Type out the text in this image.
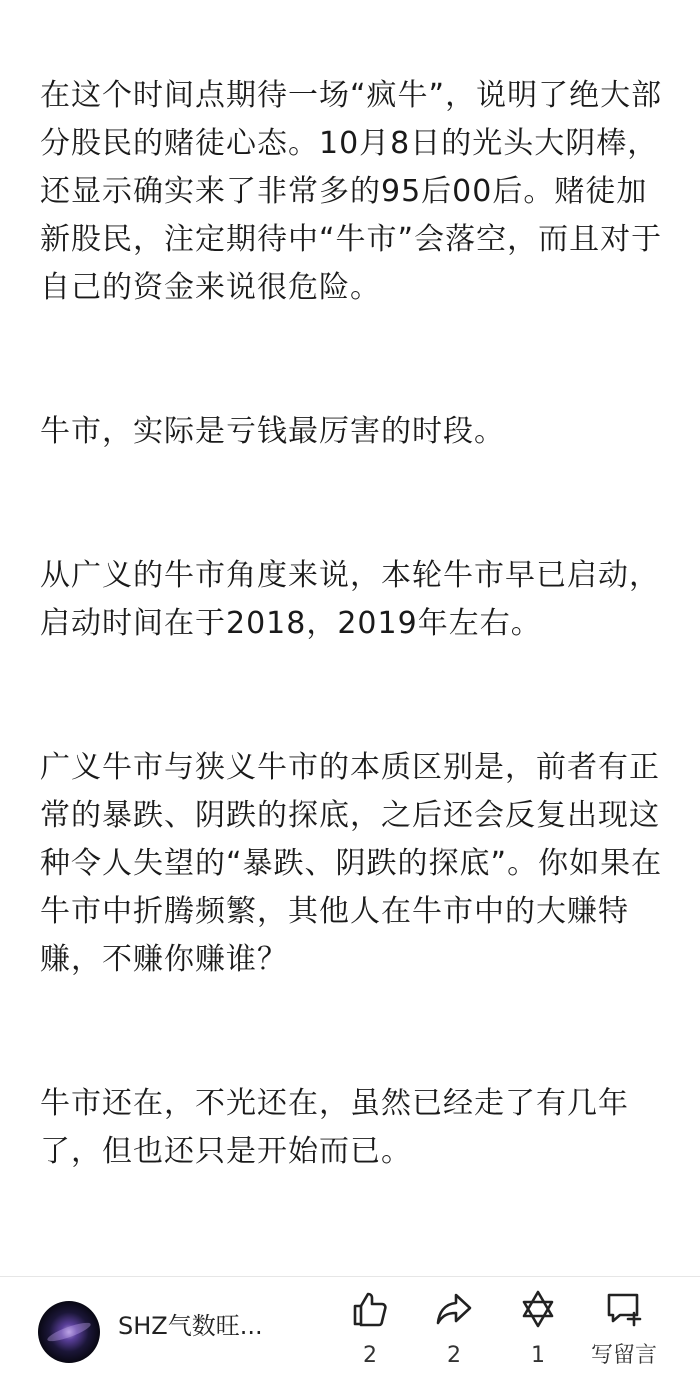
在这个时间点期待一场“疯牛”，说明了绝大部分股民的赌徒心态。10月8日的光头大阴棒，还显示确实来了非常多的95后00后。赌徒加新股民，注定期待中“牛市”会落空，而且对于自己的资金来说很危险。

牛市，实际是亏钱最厉害的时段。

从广义的牛市角度来说，本轮牛市早已启动，启动时间在于2018，2019年左右。

广义牛市与狭义牛市的本质区别是，前者有正常的暴跌、阴跌的探底，之后还会反复出现这种令人失望的“暴跌、阴跌的探底”。你如果在牛市中折腾频繁，其他人在牛市中的大赚特赚，不赚你赚谁？

牛市还在，不光还在，虽然已经走了有几年了，但也还只是开始而已。

SHZ气数旺...
2	2	1	写留言
